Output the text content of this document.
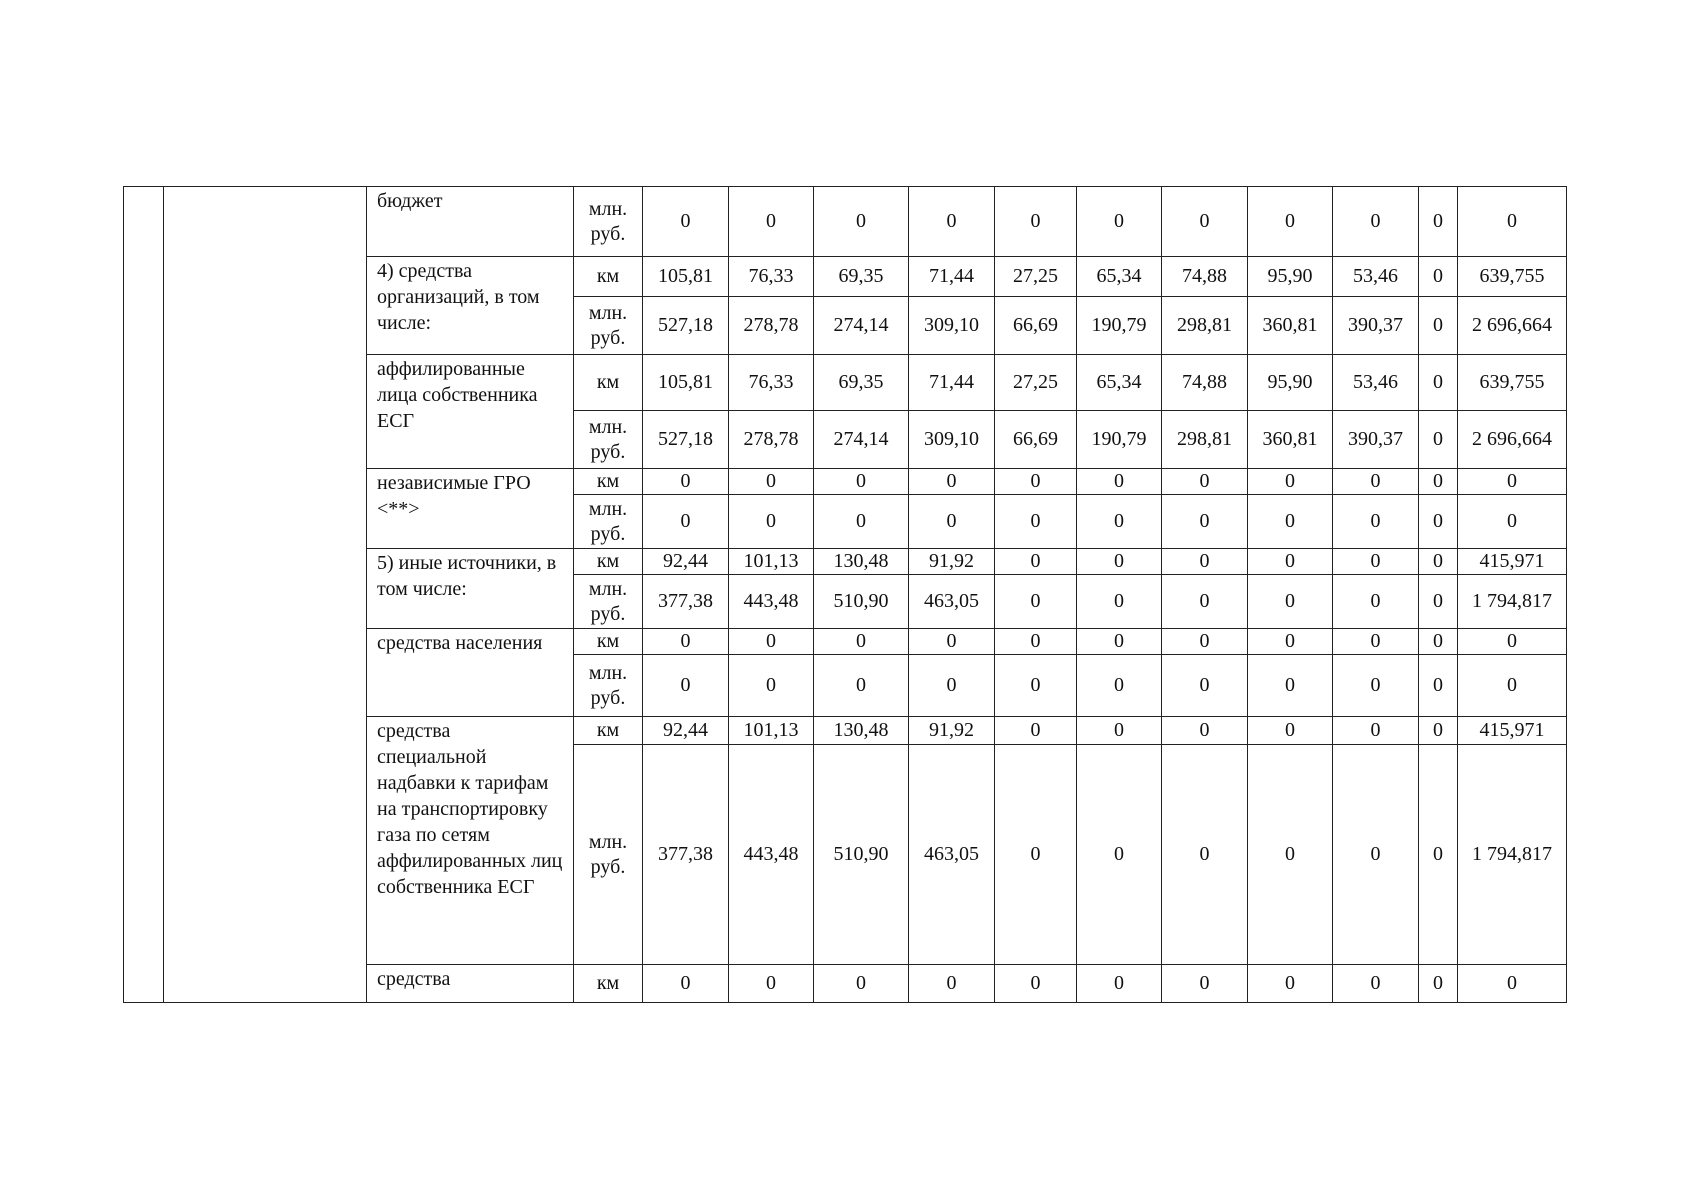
		бюджет	млн. руб.	0	0	0	0	0	0	0	0	0	0	0
		4) средства организаций, в том числе:	км	105,81	76,33	69,35	71,44	27,25	65,34	74,88	95,90	53,46	0	639,755
			млн. руб.	527,18	278,78	274,14	309,10	66,69	190,79	298,81	360,81	390,37	0	2 696,664
		аффилированные лица собственника ЕСГ	км	105,81	76,33	69,35	71,44	27,25	65,34	74,88	95,90	53,46	0	639,755
			млн. руб.	527,18	278,78	274,14	309,10	66,69	190,79	298,81	360,81	390,37	0	2 696,664
		независимые ГРО <**>	км	0	0	0	0	0	0	0	0	0	0	0
			млн. руб.	0	0	0	0	0	0	0	0	0	0	0
		5) иные источники, в том числе:	км	92,44	101,13	130,48	91,92	0	0	0	0	0	0	415,971
			млн. руб.	377,38	443,48	510,90	463,05	0	0	0	0	0	0	1 794,817
		средства населения	км	0	0	0	0	0	0	0	0	0	0	0
			млн. руб.	0	0	0	0	0	0	0	0	0	0	0
		средства специальной надбавки к тарифам на транспортировку газа по сетям аффилированных лиц собственника ЕСГ	км	92,44	101,13	130,48	91,92	0	0	0	0	0	0	415,971
			млн. руб.	377,38	443,48	510,90	463,05	0	0	0	0	0	0	1 794,817
		средства	км	0	0	0	0	0	0	0	0	0	0	0
